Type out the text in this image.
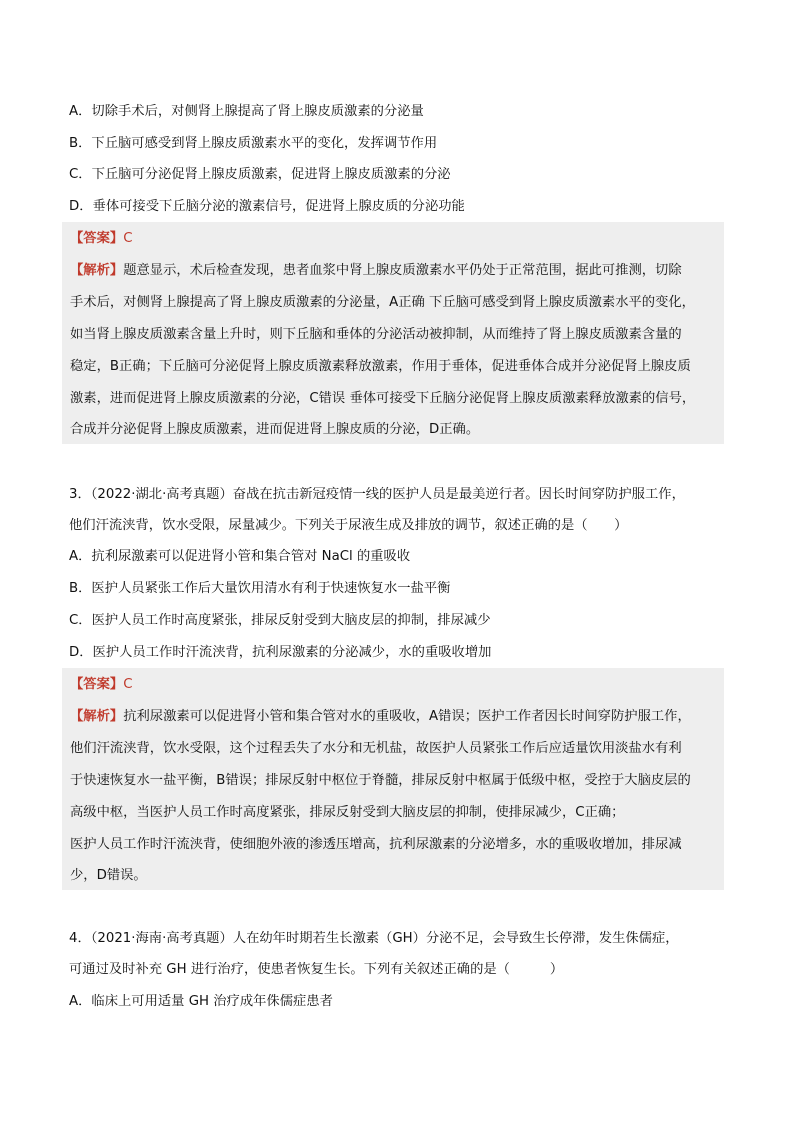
A．切除手术后，对侧肾上腺提高了肾上腺皮质激素的分泌量
B．下丘脑可感受到肾上腺皮质激素水平的变化，发挥调节作用
C．下丘脑可分泌促肾上腺皮质激素，促进肾上腺皮质激素的分泌
D．垂体可接受下丘脑分泌的激素信号，促进肾上腺皮质的分泌功能
【答案】C
【解析】题意显示，术后检查发现，患者血浆中肾上腺皮质激素水平仍处于正常范围，据此可推测，切除
手术后，对侧肾上腺提高了肾上腺皮质激素的分泌量，A正确 下丘脑可感受到肾上腺皮质激素水平的变化，
如当肾上腺皮质激素含量上升时，则下丘脑和垂体的分泌活动被抑制，从而维持了肾上腺皮质激素含量的
稳定，B正确；下丘脑可分泌促肾上腺皮质激素释放激素，作用于垂体，促进垂体合成并分泌促肾上腺皮质
激素，进而促进肾上腺皮质激素的分泌，C错误 垂体可接受下丘脑分泌促肾上腺皮质激素释放激素的信号，
合成并分泌促肾上腺皮质激素，进而促进肾上腺皮质的分泌，D正确。
3．（2022·湖北·高考真题）奋战在抗击新冠疫情一线的医护人员是最美逆行者。因长时间穿防护服工作，
他们汗流浃背，饮水受限，尿量减少。下列关于尿液生成及排放的调节，叙述正确的是（　　）
A．抗利尿激素可以促进肾小管和集合管对 NaCl 的重吸收
B．医护人员紧张工作后大量饮用清水有利于快速恢复水一盐平衡
C．医护人员工作时高度紧张，排尿反射受到大脑皮层的抑制，排尿减少
D．医护人员工作时汗流浃背，抗利尿激素的分泌减少，水的重吸收增加
【答案】C
【解析】抗利尿激素可以促进肾小管和集合管对水的重吸收，A错误；医护工作者因长时间穿防护服工作，
他们汗流浃背，饮水受限，这个过程丢失了水分和无机盐，故医护人员紧张工作后应适量饮用淡盐水有利
于快速恢复水一盐平衡，B错误；排尿反射中枢位于脊髓，排尿反射中枢属于低级中枢，受控于大脑皮层的
高级中枢，当医护人员工作时高度紧张，排尿反射受到大脑皮层的抑制，使排尿减少，C正确；
医护人员工作时汗流浃背，使细胞外液的渗透压增高，抗利尿激素的分泌增多，水的重吸收增加，排尿减
少，D错误。
4．（2021·海南·高考真题）人在幼年时期若生长激素（GH）分泌不足，会导致生长停滞，发生侏儒症，
可通过及时补充 GH 进行治疗，使患者恢复生长。下列有关叙述正确的是（　　　）
A．临床上可用适量 GH 治疗成年侏儒症患者
